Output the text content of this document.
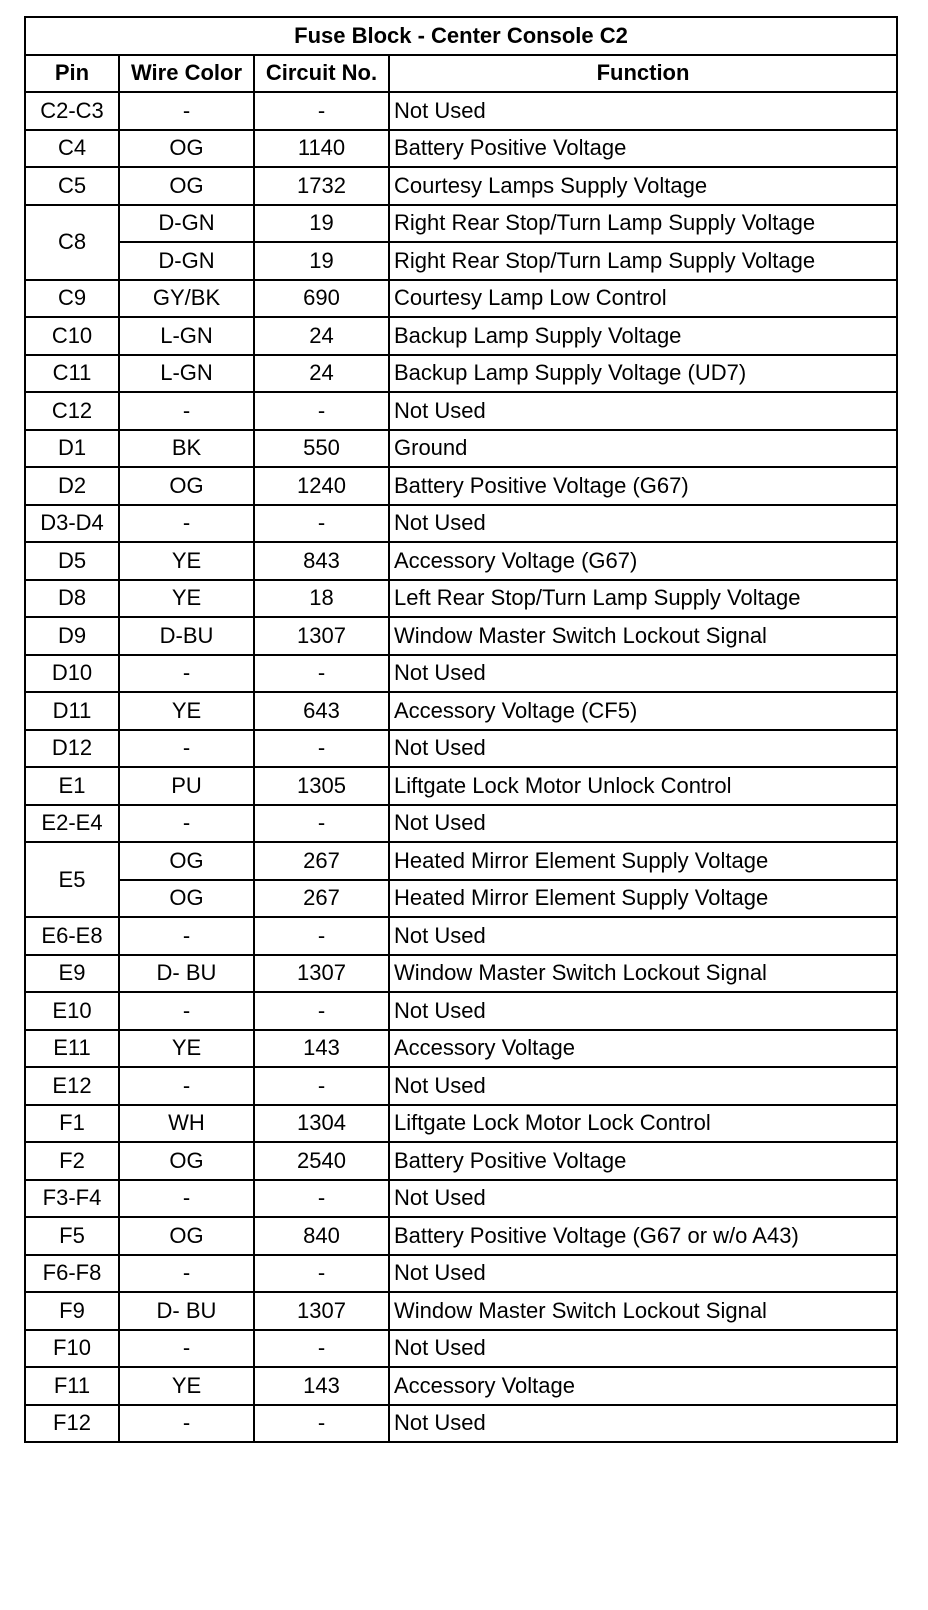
Fuse Block - Center Console C2			
Pin	Wire Color	Circuit No.	Function
C2-C3	-	-	Not Used
C4	OG	1140	Battery Positive Voltage
C5	OG	1732	Courtesy Lamps Supply Voltage
C8	D-GN	19	Right Rear Stop/Turn Lamp Supply Voltage
	D-GN	19	Right Rear Stop/Turn Lamp Supply Voltage
C9	GY/BK	690	Courtesy Lamp Low Control
C10	L-GN	24	Backup Lamp Supply Voltage
C11	L-GN	24	Backup Lamp Supply Voltage (UD7)
C12	-	-	Not Used
D1	BK	550	Ground
D2	OG	1240	Battery Positive Voltage (G67)
D3-D4	-	-	Not Used
D5	YE	843	Accessory Voltage (G67)
D8	YE	18	Left Rear Stop/Turn Lamp Supply Voltage
D9	D-BU	1307	Window Master Switch Lockout Signal
D10	-	-	Not Used
D11	YE	643	Accessory Voltage (CF5)
D12	-	-	Not Used
E1	PU	1305	Liftgate Lock Motor Unlock Control
E2-E4	-	-	Not Used
E5	OG	267	Heated Mirror Element Supply Voltage
	OG	267	Heated Mirror Element Supply Voltage
E6-E8	-	-	Not Used
E9	D- BU	1307	Window Master Switch Lockout Signal
E10	-	-	Not Used
E11	YE	143	Accessory Voltage
E12	-	-	Not Used
F1	WH	1304	Liftgate Lock Motor Lock Control
F2	OG	2540	Battery Positive Voltage
F3-F4	-	-	Not Used
F5	OG	840	Battery Positive Voltage (G67 or w/o A43)
F6-F8	-	-	Not Used
F9	D- BU	1307	Window Master Switch Lockout Signal
F10	-	-	Not Used
F11	YE	143	Accessory Voltage
F12	-	-	Not Used
